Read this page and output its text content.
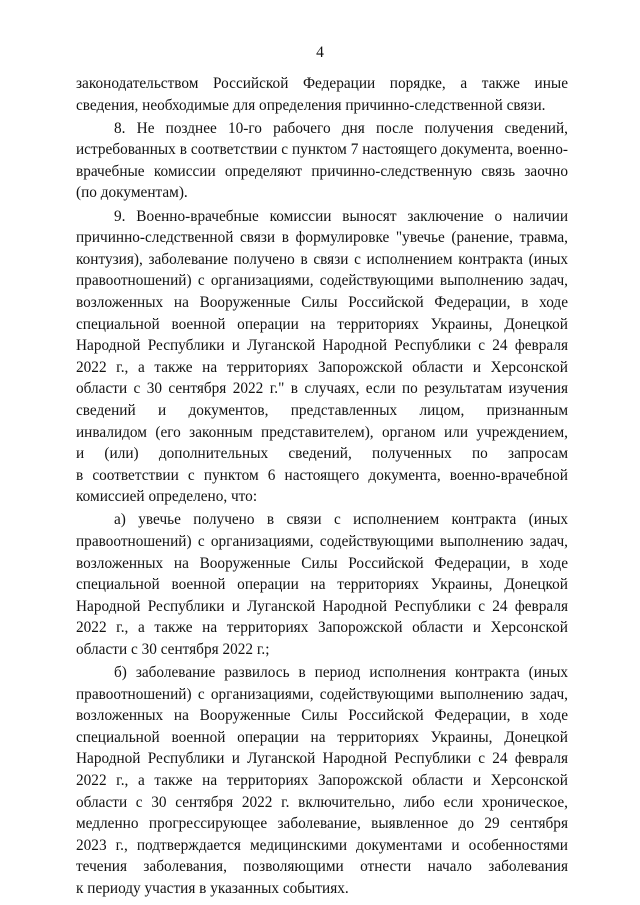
4
законодательством Российской Федерации порядке, а также иные
сведения, необходимые для определения причинно-следственной связи.
8. Не позднее 10-го рабочего дня после получения сведений,
истребованных в соответствии с пунктом 7 настоящего документа, военно-
врачебные комиссии определяют причинно-следственную связь заочно
(по документам).
9. Военно-врачебные комиссии выносят заключение о наличии
причинно-следственной связи в формулировке "увечье (ранение, травма,
контузия), заболевание получено в связи с исполнением контракта (иных
правоотношений) с организациями, содействующими выполнению задач,
возложенных на Вооруженные Силы Российской Федерации, в ходе
специальной военной операции на территориях Украины, Донецкой
Народной Республики и Луганской Народной Республики с 24 февраля
2022 г., а также на территориях Запорожской области и Херсонской
области с 30 сентября 2022 г." в случаях, если по результатам изучения
сведений и документов, представленных лицом, признанным
инвалидом (его законным представителем), органом или учреждением,
и (или) дополнительных сведений, полученных по запросам
в соответствии с пунктом 6 настоящего документа, военно-врачебной
комиссией определено, что:
а) увечье получено в связи с исполнением контракта (иных
правоотношений) с организациями, содействующими выполнению задач,
возложенных на Вооруженные Силы Российской Федерации, в ходе
специальной военной операции на территориях Украины, Донецкой
Народной Республики и Луганской Народной Республики с 24 февраля
2022 г., а также на территориях Запорожской области и Херсонской
области с 30 сентября 2022 г.;
б) заболевание развилось в период исполнения контракта (иных
правоотношений) с организациями, содействующими выполнению задач,
возложенных на Вооруженные Силы Российской Федерации, в ходе
специальной военной операции на территориях Украины, Донецкой
Народной Республики и Луганской Народной Республики с 24 февраля
2022 г., а также на территориях Запорожской области и Херсонской
области с 30 сентября 2022 г. включительно, либо если хроническое,
медленно прогрессирующее заболевание, выявленное до 29 сентября
2023 г., подтверждается медицинскими документами и особенностями
течения заболевания, позволяющими отнести начало заболевания
к периоду участия в указанных событиях.
